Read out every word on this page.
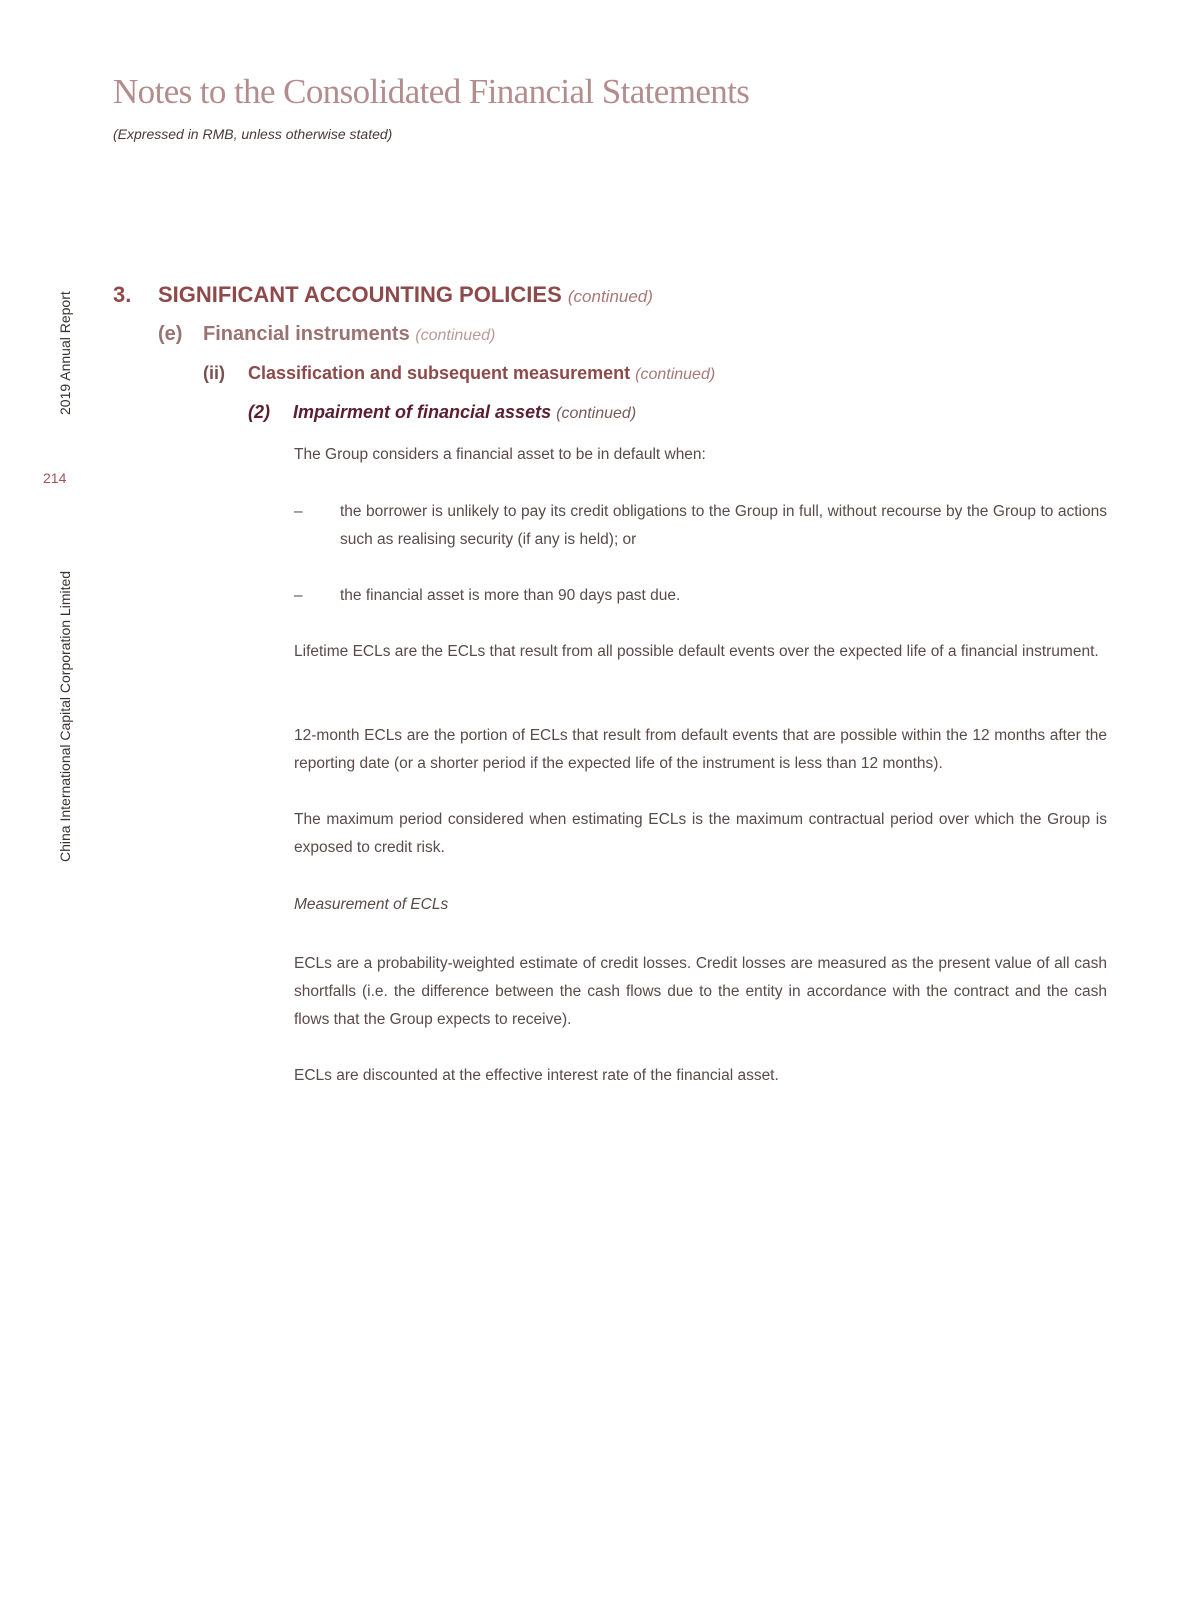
Notes to the Consolidated Financial Statements
(Expressed in RMB, unless otherwise stated)
2019 Annual Report
214
China International Capital Corporation Limited
3. SIGNIFICANT ACCOUNTING POLICIES (continued)
(e) Financial instruments (continued)
(ii) Classification and subsequent measurement (continued)
(2) Impairment of financial assets (continued)

The Group considers a financial asset to be in default when:

–	the borrower is unlikely to pay its credit obligations to the Group in full, without recourse by the Group to actions such as realising security (if any is held); or
–	the financial asset is more than 90 days past due.

Lifetime ECLs are the ECLs that result from all possible default events over the expected life of a financial instrument.

12-month ECLs are the portion of ECLs that result from default events that are possible within the 12 months after the reporting date (or a shorter period if the expected life of the instrument is less than 12 months).

The maximum period considered when estimating ECLs is the maximum contractual period over which the Group is exposed to credit risk.

Measurement of ECLs

ECLs are a probability-weighted estimate of credit losses. Credit losses are measured as the present value of all cash shortfalls (i.e. the difference between the cash flows due to the entity in accordance with the contract and the cash flows that the Group expects to receive).

ECLs are discounted at the effective interest rate of the financial asset.
